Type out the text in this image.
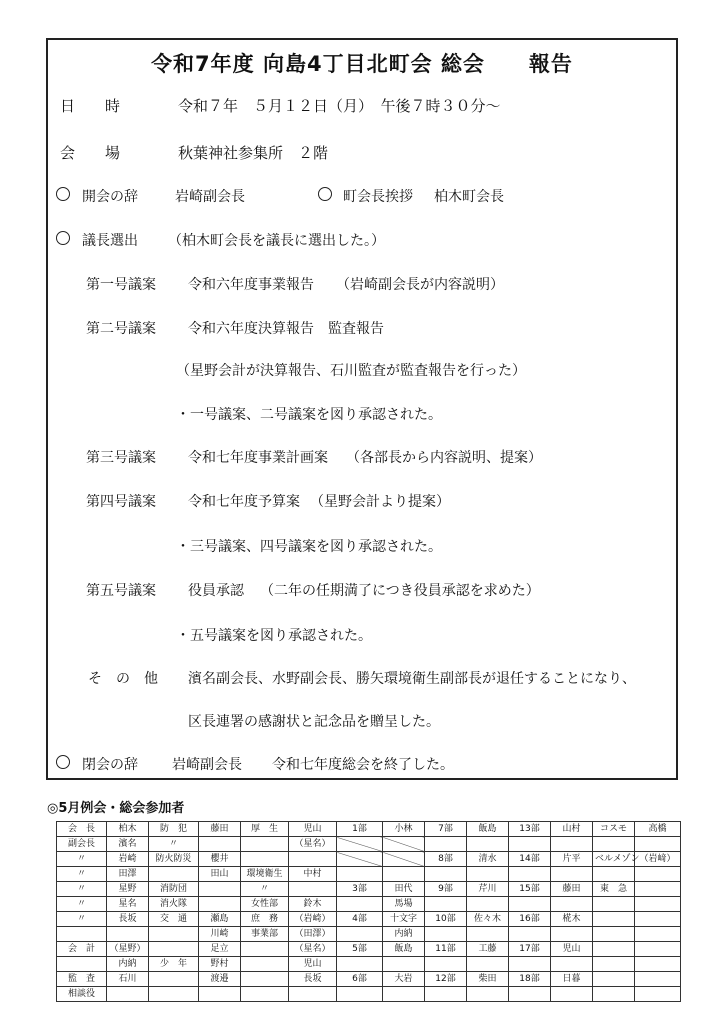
令和7年度 向島4丁目北町会 総会　　報告
日　　時	令和７年　５月１２日（月）　午後７時３０分～
会　　場	秋葉神社参集所　２階
開会の辞	岩崎副会長	町会長挨拶 柏木町会長
議長選出 （柏木町会長を議長に選出した。）
第一号議案 令和六年度事業報告 （岩崎副会長が内容説明）
第二号議案 令和六年度決算報告　監査報告
（星野会計が決算報告、石川監査が監査報告を行った）
・一号議案、二号議案を図り承認された。
第三号議案 令和七年度事業計画案 （各部長から内容説明、提案）
第四号議案 令和七年度予算案 （星野会計より提案）
・三号議案、四号議案を図り承認された。
第五号議案 役員承認 （二年の任期満了につき役員承認を求めた）
・五号議案を図り承認された。
そ　の　他 濱名副会長、水野副会長、勝矢環境衛生副部長が退任することになり、
区長連署の感謝状と記念品を贈呈した。
閉会の辞 岩崎副会長 令和七年度総会を終了した。
◎5月例会・総会参加者
会　長	柏木	防　犯	藤田	厚　生	児山	1部	小林	7部	飯島	13部	山村	コスモ	高橋
副会長	濱名	〃			（星名）								
〃	岩崎	防火防災	櫻井					8部	清水	14部	片平	ベルメゾン	（岩﨑）
〃	田澤		田山	環境衛生	中村								
〃	星野	消防団		〃		3部	田代	9部	芹川	15部	藤田	東　急	
〃	星名	消火隊		女性部	鈴木		馬場						
〃	長坂	交　通	瀬島	庶　務	（岩崎）	4部	十文字	10部	佐々木	16部	椛木		
			川崎	事業部	（田澤）		内納						
会　計	（星野）		足立		（星名）	5部	飯島	11部	工藤	17部	児山		
	内納	少　年	野村		児山								
監　査	石川		渡邉		長坂	6部	大岩	12部	柴田	18部	日暮		
相談役													
